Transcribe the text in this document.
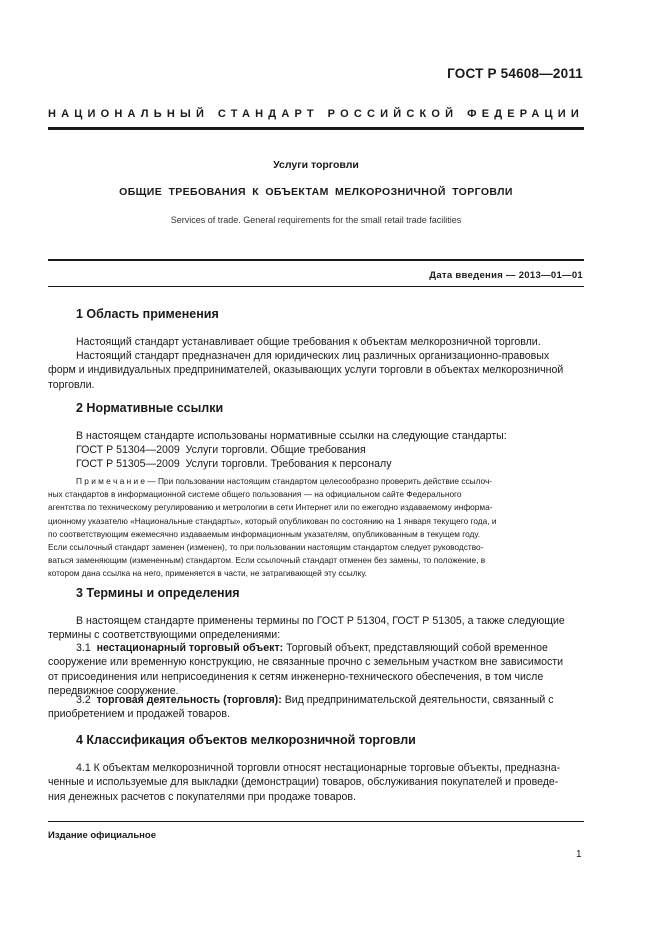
ГОСТ Р 54608—2011
НАЦИОНАЛЬНЫЙ СТАНДАРТ РОССИЙСКОЙ ФЕДЕРАЦИИ
Услуги торговли
ОБЩИЕ ТРЕБОВАНИЯ К ОБЪЕКТАМ МЕЛКОРОЗНИЧНОЙ ТОРГОВЛИ
Services of trade. General requirements for the small retail trade facilities
Дата введения — 2013—01—01
1 Область применения
Настоящий стандарт устанавливает общие требования к объектам мелкорозничной торговли.
Настоящий стандарт предназначен для юридических лиц различных организационно-правовых
форм и индивидуальных предпринимателей, оказывающих услуги торговли в объектах мелкорозничной
торговли.
2 Нормативные ссылки
В настоящем стандарте использованы нормативные ссылки на следующие стандарты:
ГОСТ Р 51304—2009  Услуги торговли. Общие требования
ГОСТ Р 51305—2009  Услуги торговли. Требования к персоналу
П р и м е ч а н и е — При пользовании настоящим стандартом целесообразно проверить действие ссылоч-
ных стандартов в информационной системе общего пользования — на официальном сайте Федерального
агентства по техническому регулированию и метрологии в сети Интернет или по ежегодно издаваемому информа-
ционному указателю «Национальные стандарты», который опубликован по состоянию на 1 января текущего года, и
по соответствующим ежемесячно издаваемым информационным указателям, опубликованным в текущем году.
Если ссылочный стандарт заменен (изменен), то при пользовании настоящим стандартом следует руководство-
ваться заменяющим (измененным) стандартом. Если ссылочный стандарт отменен без замены, то положение, в
котором дана ссылка на него, применяется в части, не затрагивающей эту ссылку.
3 Термины и определения
В настоящем стандарте применены термины по ГОСТ Р 51304, ГОСТ Р 51305, а также следующие
термины с соответствующими определениями:
3.1 нестационарный торговый объект: Торговый объект, представляющий собой временное
сооружение или временную конструкцию, не связанные прочно с земельным участком вне зависимости
от присоединения или неприсоединения к сетям инженерно-технического обеспечения, в том числе
передвижное сооружение.
3.2 торговая деятельность (торговля): Вид предпринимательской деятельности, связанный с
приобретением и продажей товаров.
4 Классификация объектов мелкорозничной торговли
4.1 К объектам мелкорозничной торговли относят нестационарные торговые объекты, предназна-
ченные и используемые для выкладки (демонстрации) товаров, обслуживания покупателей и проведе-
ния денежных расчетов с покупателями при продаже товаров.
Издание официальное
1
